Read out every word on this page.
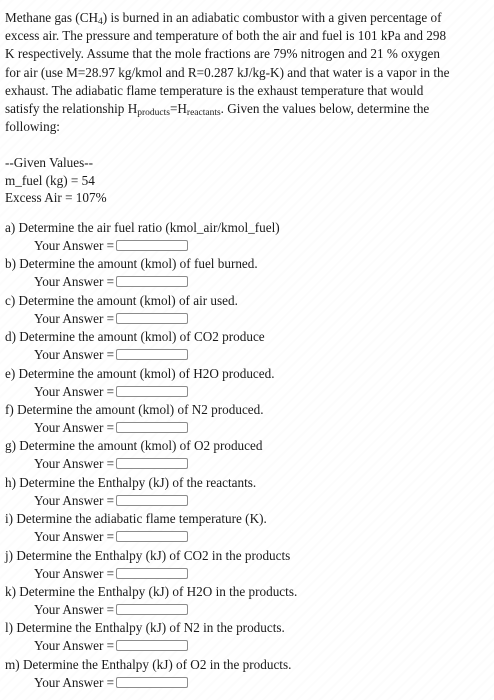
Methane gas $(CH_4)$ is burned in an adiabatic combustor with a given percentage of
excess air. The pressure and temperature of both the air and fuel is 101 kPa and 298
K respectively. Assume that the mole fractions are 79% nitrogen and 21 % oxygen
for air (use M=28.97 kg/kmol and R=0.287 kJ/kg-K) and that water is a vapor in the
exhaust. The adiabatic flame temperature is the exhaust temperature that would
satisfy the relationship $H_{products}=H_{reactants}$. Given the values below, determine the
following:
--Given Values--
m_fuel (kg) = 54
Excess Air = 107%
a) Determine the air fuel ratio (kmol_air/kmol_fuel)
Your Answer =
b) Determine the amount (kmol) of fuel burned.
Your Answer =
c) Determine the amount (kmol) of air used.
Your Answer =
d) Determine the amount (kmol) of CO2 produce
Your Answer =
e) Determine the amount (kmol) of H2O produced.
Your Answer =
f) Determine the amount (kmol) of N2 produced.
Your Answer =
g) Determine the amount (kmol) of O2 produced
Your Answer =
h) Determine the Enthalpy (kJ) of the reactants.
Your Answer =
i) Determine the adiabatic flame temperature (K).
Your Answer =
j) Determine the Enthalpy (kJ) of CO2 in the products
Your Answer =
k) Determine the Enthalpy (kJ) of H2O in the products.
Your Answer =
l) Determine the Enthalpy (kJ) of N2 in the products.
Your Answer =
m) Determine the Enthalpy (kJ) of O2 in the products.
Your Answer =
